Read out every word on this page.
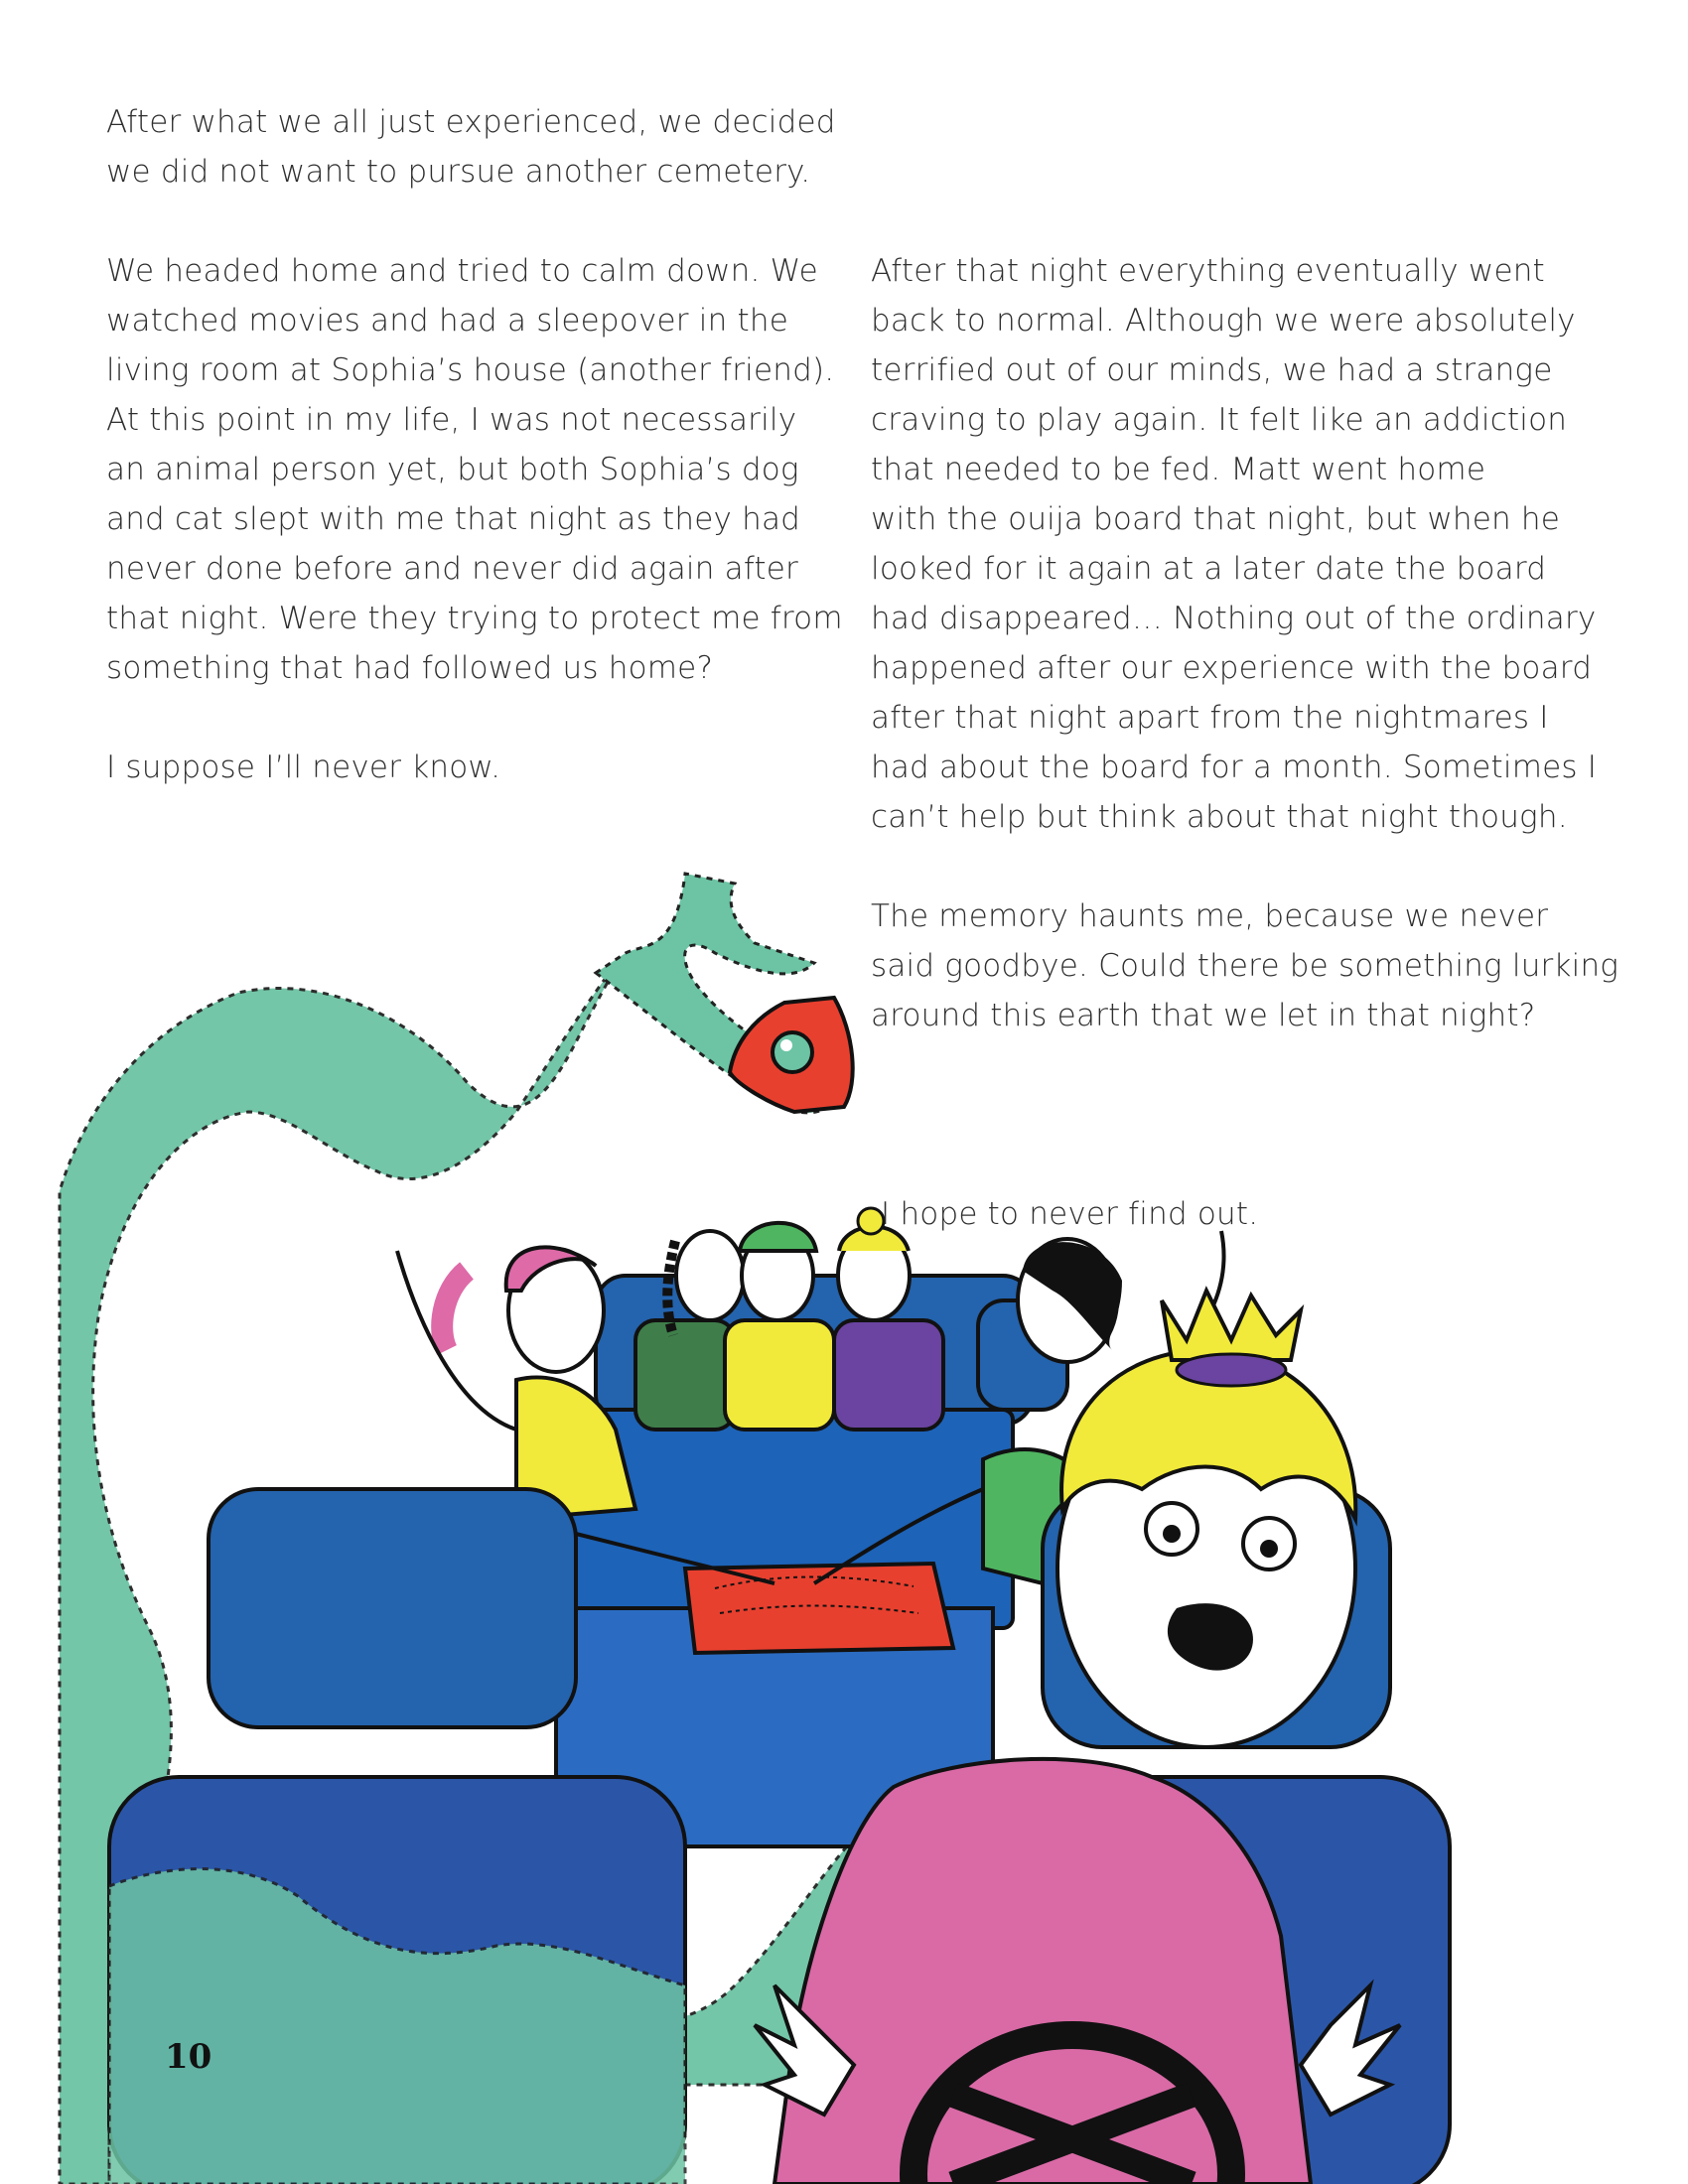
After what we all just experienced, we decided
we did not want to pursue another cemetery.

We headed home and tried to calm down. We
watched movies and had a sleepover in the
living room at Sophia’s house (another friend).
At this point in my life, I was not necessarily
an animal person yet, but both Sophia’s dog
and cat slept with me that night as they had
never done before and never did again after
that night. Were they trying to protect me from
something that had followed us home?

I suppose I’ll never know.

After that night everything eventually went
back to normal. Although we were absolutely
terrified out of our minds, we had a strange
craving to play again. It felt like an addiction
that needed to be fed. Matt went home
with the ouija board that night, but when he
looked for it again at a later date the board
had disappeared… Nothing out of the ordinary
happened after our experience with the board
after that night apart from the nightmares I
had about the board for a month. Sometimes I
can’t help but think about that night though.

The memory haunts me, because we never
said goodbye. Could there be something lurking
around this earth that we let in that night?

I hope to never find out.

10
